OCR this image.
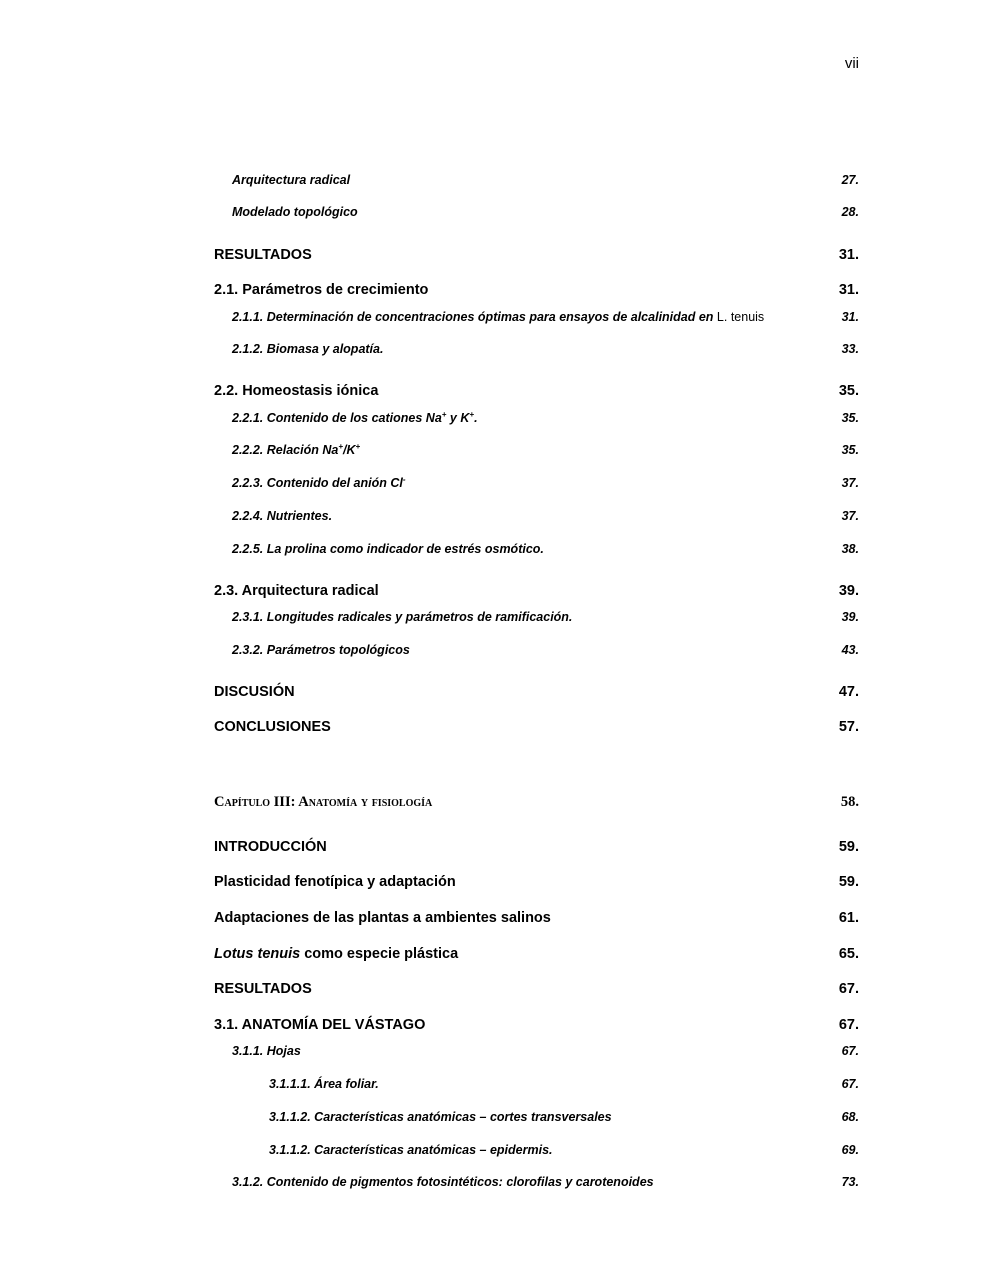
vii
Arquitectura radical	27.
Modelado topológico	28.
RESULTADOS	31.
2.1. Parámetros de crecimiento	31.
2.1.1. Determinación de concentraciones óptimas para ensayos de alcalinidad en L. tenuis	31.
2.1.2. Biomasa y alopatía.	33.
2.2. Homeostasis iónica	35.
2.2.1. Contenido de los cationes Na+ y K+.	35.
2.2.2. Relación Na+/K+	35.
2.2.3. Contenido del anión Cl-	37.
2.2.4. Nutrientes.	37.
2.2.5. La prolina como indicador de estrés osmótico.	38.
2.3. Arquitectura radical	39.
2.3.1. Longitudes radicales y parámetros de ramificación.	39.
2.3.2. Parámetros topológicos	43.
DISCUSIÓN	47.
CONCLUSIONES	57.
Capítulo III: Anatomía y fisiología	58.
INTRODUCCIÓN	59.
Plasticidad fenotípica y adaptación	59.
Adaptaciones de las plantas a ambientes salinos	61.
Lotus tenuis como especie plástica	65.
RESULTADOS	67.
3.1. ANATOMÍA DEL VÁSTAGO	67.
3.1.1. Hojas	67.
3.1.1.1. Área foliar.	67.
3.1.1.2. Características anatómicas – cortes transversales	68.
3.1.1.2. Características anatómicas – epidermis.	69.
3.1.2. Contenido de pigmentos fotosintéticos: clorofilas y carotenoides	73.
